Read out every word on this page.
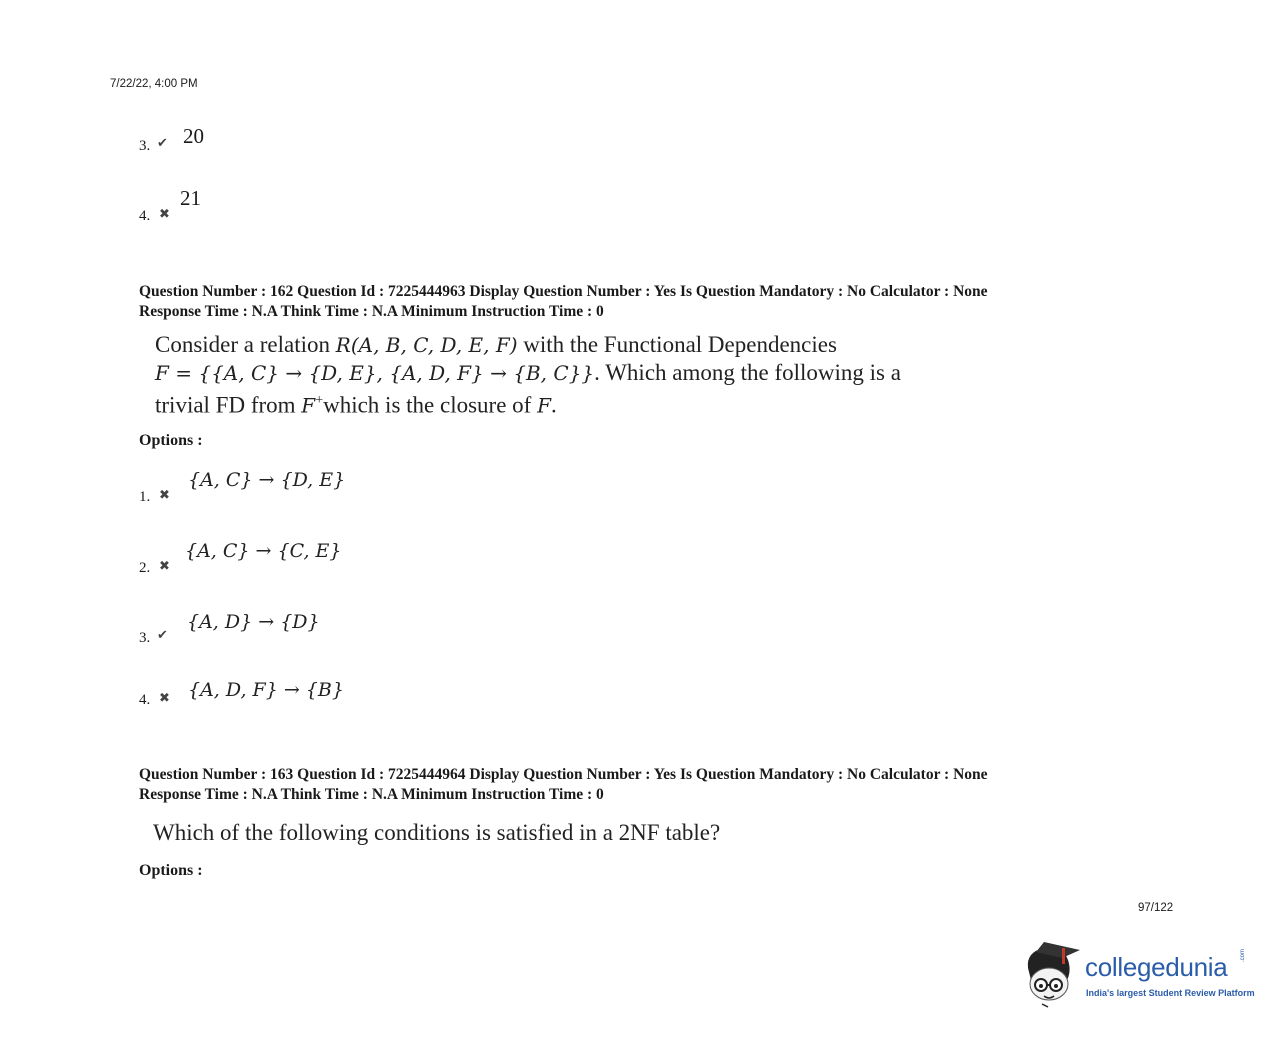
7/22/22, 4:00 PM
3. ✔ 20
4. ✖
21
Question Number : 162 Question Id : 7225444963 Display Question Number : Yes Is Question Mandatory : No Calculator : None
Response Time : N.A Think Time : N.A Minimum Instruction Time : 0
Consider a relation R(A, B, C, D, E, F) with the Functional Dependencies
F = {{A, C} → {D, E}, {A, D, F} → {B, C}}. Which among the following is a
trivial FD from F+which is the closure of F.
Options :
1. ✖
{A, C} → {D, E}
2. ✖
{A, C} → {C, E}
3. ✔
{A, D} → {D}
4. ✖ {A, D, F} → {B}
Question Number : 163 Question Id : 7225444964 Display Question Number : Yes Is Question Mandatory : No Calculator : None
Response Time : N.A Think Time : N.A Minimum Instruction Time : 0
Which of the following conditions is satisfied in a 2NF table?
Options :
97/122
collegedunia .com
India's largest Student Review Platform
